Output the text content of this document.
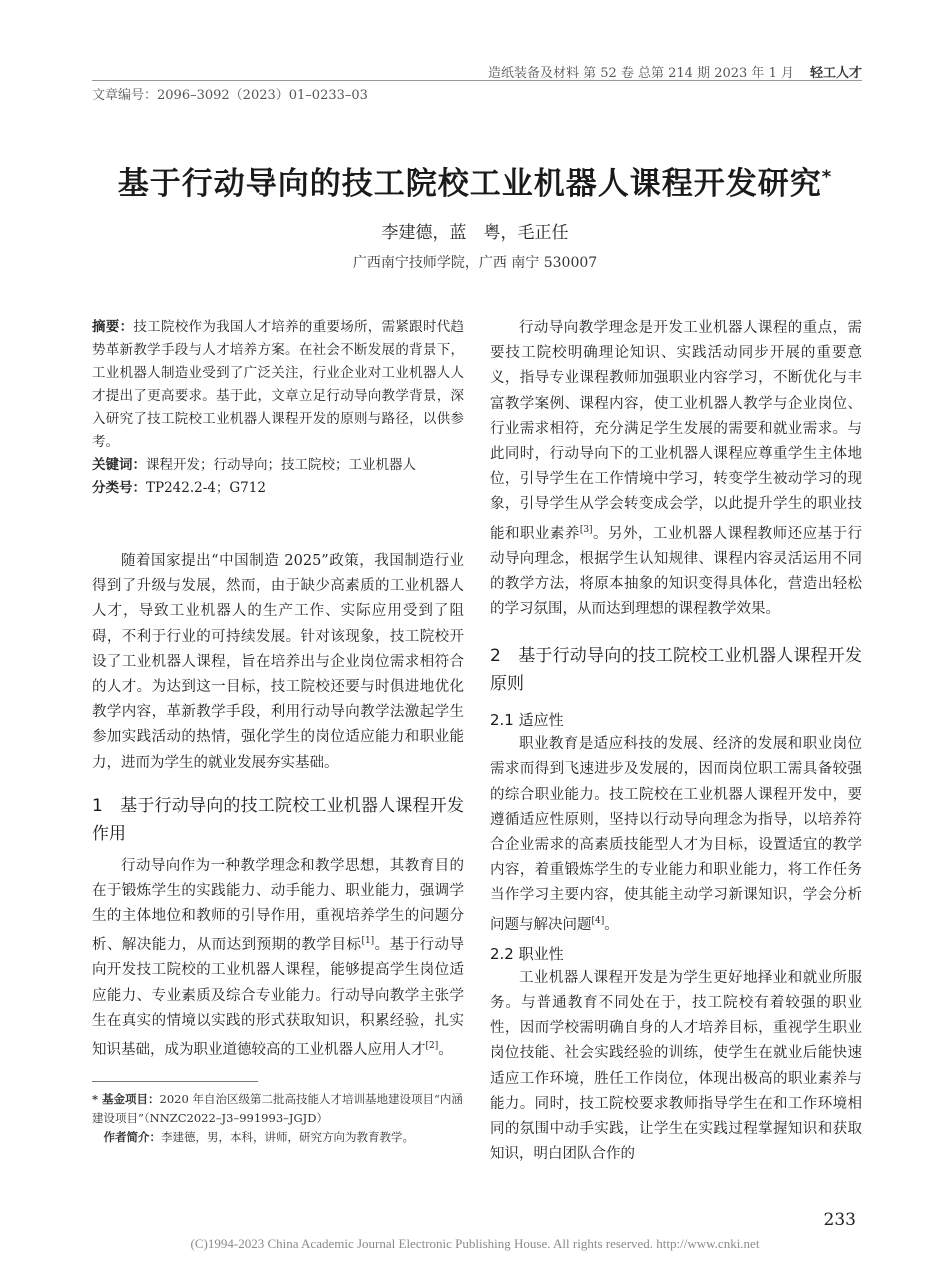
造纸装备及材料 第 52 卷 总第 214 期 2023 年 1 月 轻工人才
文章编号：2096–3092（2023）01–0233–03
基于行动导向的技工院校工业机器人课程开发研究*
李建德，蓝　粤，毛正任
广西南宁技师学院，广西 南宁 530007
摘要：技工院校作为我国人才培养的重要场所，需紧跟时代趋势革新教学手段与人才培养方案。在社会不断发展的背景下，工业机器人制造业受到了广泛关注，行业企业对工业机器人人才提出了更高要求。基于此，文章立足行动导向教学背景，深入研究了技工院校工业机器人课程开发的原则与路径，以供参考。
关键词：课程开发；行动导向；技工院校；工业机器人
分类号：TP242.2-4；G712

随着国家提出“中国制造 2025”政策，我国制造行业得到了升级与发展，然而，由于缺少高素质的工业机器人人才，导致工业机器人的生产工作、实际应用受到了阻碍，不利于行业的可持续发展。针对该现象，技工院校开设了工业机器人课程，旨在培养出与企业岗位需求相符合的人才。为达到这一目标，技工院校还要与时俱进地优化教学内容，革新教学手段，利用行动导向教学法激起学生参加实践活动的热情，强化学生的岗位适应能力和职业能力，进而为学生的就业发展夯实基础。

1　基于行动导向的技工院校工业机器人课程开发作用

行动导向作为一种教学理念和教学思想，其教育目的在于锻炼学生的实践能力、动手能力、职业能力，强调学生的主体地位和教师的引导作用，重视培养学生的问题分析、解决能力，从而达到预期的教学目标[1]。基于行动导向开发技工院校的工业机器人课程，能够提高学生岗位适应能力、专业素质及综合专业能力。行动导向教学主张学生在真实的情境以实践的形式获取知识，积累经验，扎实知识基础，成为职业道德较高的工业机器人应用人才[2]。

* 基金项目：2020 年自治区级第二批高技能人才培训基地建设项目“内涵建设项目”（NNZC2022–J3–991993–JGJD）
作者简介：李建德，男，本科，讲师，研究方向为教育教学。

行动导向教学理念是开发工业机器人课程的重点，需要技工院校明确理论知识、实践活动同步开展的重要意义，指导专业课程教师加强职业内容学习，不断优化与丰富教学案例、课程内容，使工业机器人教学与企业岗位、行业需求相符，充分满足学生发展的需要和就业需求。与此同时，行动导向下的工业机器人课程应尊重学生主体地位，引导学生在工作情境中学习，转变学生被动学习的现象，引导学生从学会转变成会学，以此提升学生的职业技能和职业素养[3]。另外，工业机器人课程教师还应基于行动导向理念，根据学生认知规律、课程内容灵活运用不同的教学方法，将原本抽象的知识变得具体化，营造出轻松的学习氛围，从而达到理想的课程教学效果。

2　基于行动导向的技工院校工业机器人课程开发原则

2.1 适应性

职业教育是适应科技的发展、经济的发展和职业岗位需求而得到飞速进步及发展的，因而岗位职工需具备较强的综合职业能力。技工院校在工业机器人课程开发中，要遵循适应性原则，坚持以行动导向理念为指导，以培养符合企业需求的高素质技能型人才为目标，设置适宜的教学内容，着重锻炼学生的专业能力和职业能力，将工作任务当作学习主要内容，使其能主动学习新课知识，学会分析问题与解决问题[4]。

2.2 职业性

工业机器人课程开发是为学生更好地择业和就业所服务。与普通教育不同处在于，技工院校有着较强的职业性，因而学校需明确自身的人才培养目标，重视学生职业岗位技能、社会实践经验的训练，使学生在就业后能快速适应工作环境，胜任工作岗位，体现出极高的职业素养与能力。同时，技工院校要求教师指导学生在和工作环境相同的氛围中动手实践，让学生在实践过程掌握知识和获取知识，明白团队合作的

233
(C)1994-2023 China Academic Journal Electronic Publishing House. All rights reserved. http://www.cnki.net
